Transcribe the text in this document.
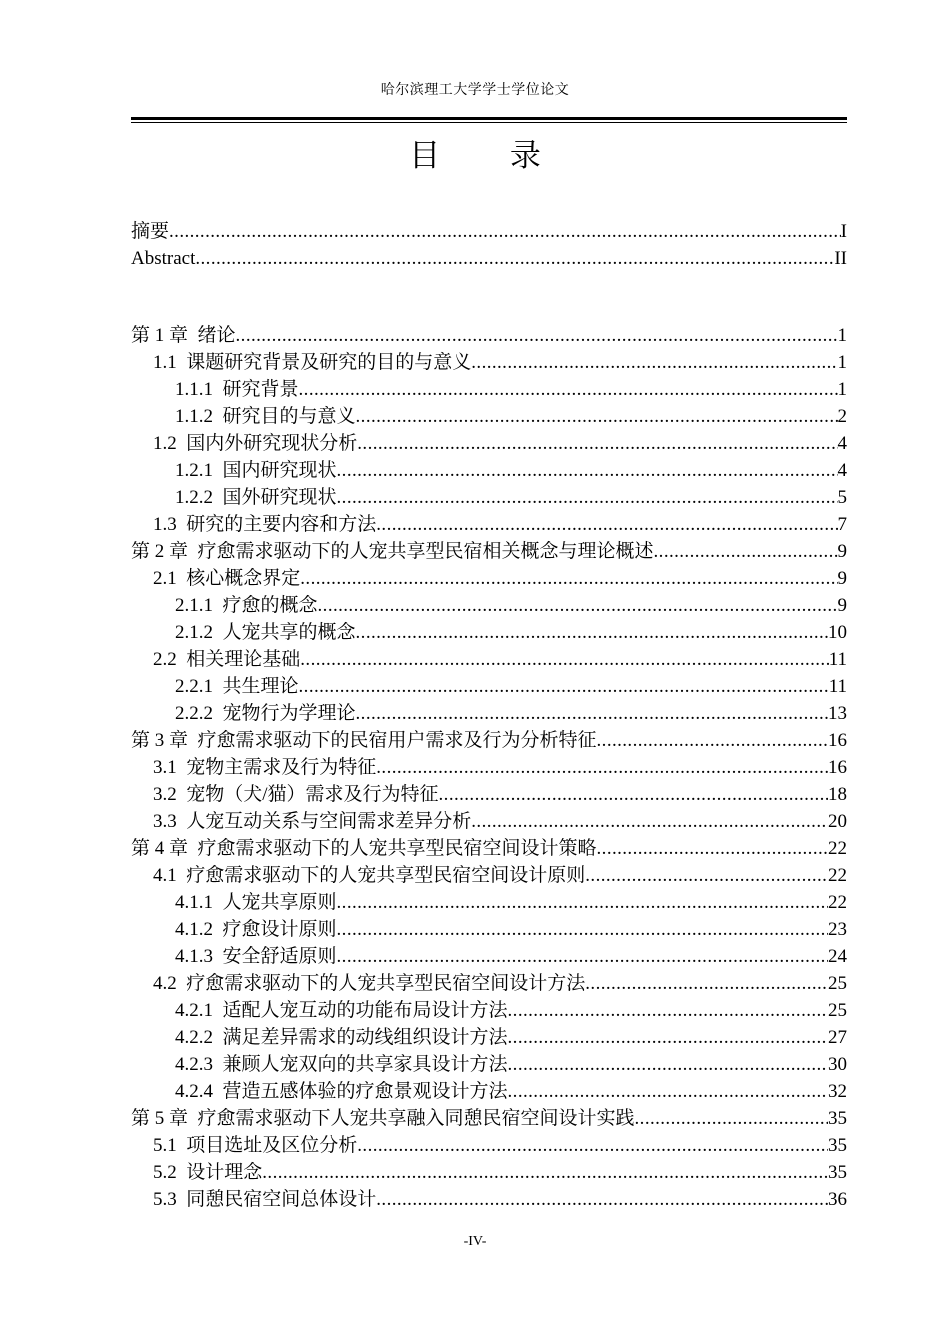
哈尔滨理工大学学士学位论文
目 录
摘要 .....	I
Abstract .....	II
第 1 章 绪论 .....	1
1.1 课题研究背景及研究的目的与意义 .....	1
1.1.1 研究背景 .....	1
1.1.2 研究目的与意义 .....	2
1.2 国内外研究现状分析 .....	4
1.2.1 国内研究现状 .....	4
1.2.2 国外研究现状 .....	5
1.3 研究的主要内容和方法 .....	7
第 2 章 疗愈需求驱动下的人宠共享型民宿相关概念与理论概述 .....	9
2.1 核心概念界定 .....	9
2.1.1 疗愈的概念 .....	9
2.1.2 人宠共享的概念 .....	10
2.2 相关理论基础 .....	11
2.2.1 共生理论 .....	11
2.2.2 宠物行为学理论 .....	13
第 3 章 疗愈需求驱动下的民宿用户需求及行为分析特征 .....	16
3.1 宠物主需求及行为特征 .....	16
3.2 宠物（犬/猫）需求及行为特征 .....	18
3.3 人宠互动关系与空间需求差异分析 .....	20
第 4 章 疗愈需求驱动下的人宠共享型民宿空间设计策略 .....	22
4.1 疗愈需求驱动下的人宠共享型民宿空间设计原则 .....	22
4.1.1 人宠共享原则 .....	22
4.1.2 疗愈设计原则 .....	23
4.1.3 安全舒适原则 .....	24
4.2 疗愈需求驱动下的人宠共享型民宿空间设计方法 .....	25
4.2.1 适配人宠互动的功能布局设计方法 .....	25
4.2.2 满足差异需求的动线组织设计方法 .....	27
4.2.3 兼顾人宠双向的共享家具设计方法 .....	30
4.2.4 营造五感体验的疗愈景观设计方法 .....	32
第 5 章 疗愈需求驱动下人宠共享融入同憩民宿空间设计实践 .....	35
5.1 项目选址及区位分析 .....	35
5.2 设计理念 .....	35
5.3 同憩民宿空间总体设计 .....	36
-IV-
